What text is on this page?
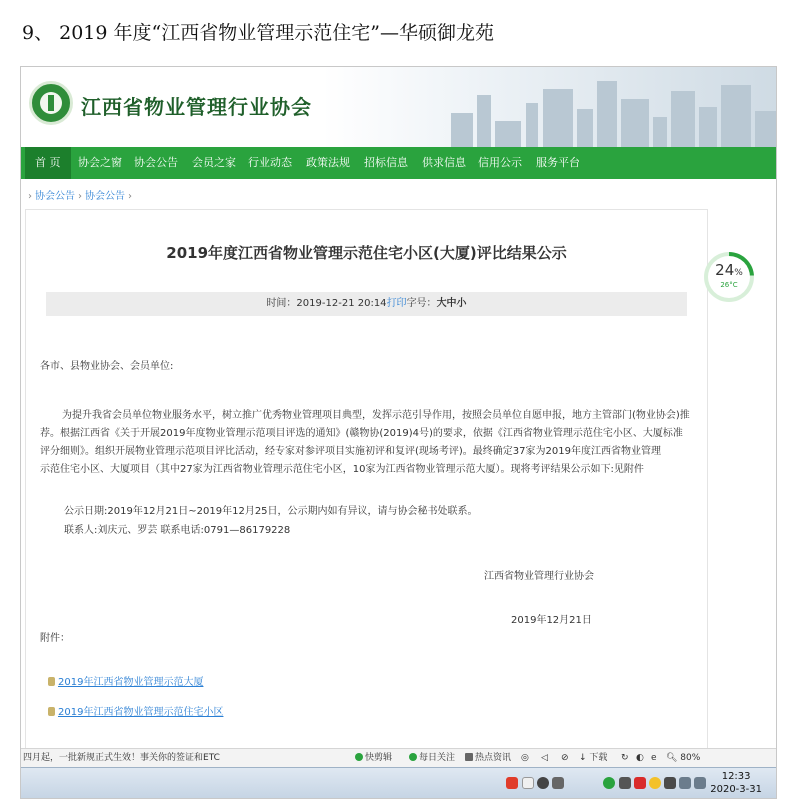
9、 2019 年度“江西省物业管理示范住宅”—华硕御龙苑
江西省物业管理行业协会
首 页	协会之窗 协会公告 会员之家 行业动态 政策法规 招标信息 供求信息 信用公示 服务平台
› 协会公告 › 协会公告 ›
2019年度江西省物业管理示范住宅小区(大厦)评比结果公示
时间：2019-12-21 20:14打印字号：大中小
各市、县物业协会、会员单位:
为提升我省会员单位物业服务水平，树立推广优秀物业管理项目典型，发挥示范引导作用，按照会员单位自愿申报，地方主管部门(物业协会)推
荐。根据江西省《关于开展2019年度物业管理示范项目评选的通知》(赣物协(2019)4号)的要求，依据《江西省物业管理示范住宅小区、大厦标准
评分细则》。组织开展物业管理示范项目评比活动，经专家对参评项目实施初评和复评(现场考评)。最终确定37家为2019年度江西省物业管理
示范住宅小区、大厦项目（其中27家为江西省物业管理示范住宅小区，10家为江西省物业管理示范大厦）。现将考评结果公示如下:见附件
公示日期:2019年12月21日~2019年12月25日，公示期内如有异议，请与协会秘书处联系。
联系人:刘庆元、罗芸 联系电话:0791—86179228
江西省物业管理行业协会
2019年12月21日
附件：
2019年江西省物业管理示范大厦
2019年江西省物业管理示范住宅小区
24%
26°C
四月起，一批新规正式生效！事关你的签证和ETC	快剪辑	每日关注	热点资讯 ◎ ◁ ⊘ ↓ 下载 ↻ ◐ e 🔍︎ 80%
12:33
2020-3-31
